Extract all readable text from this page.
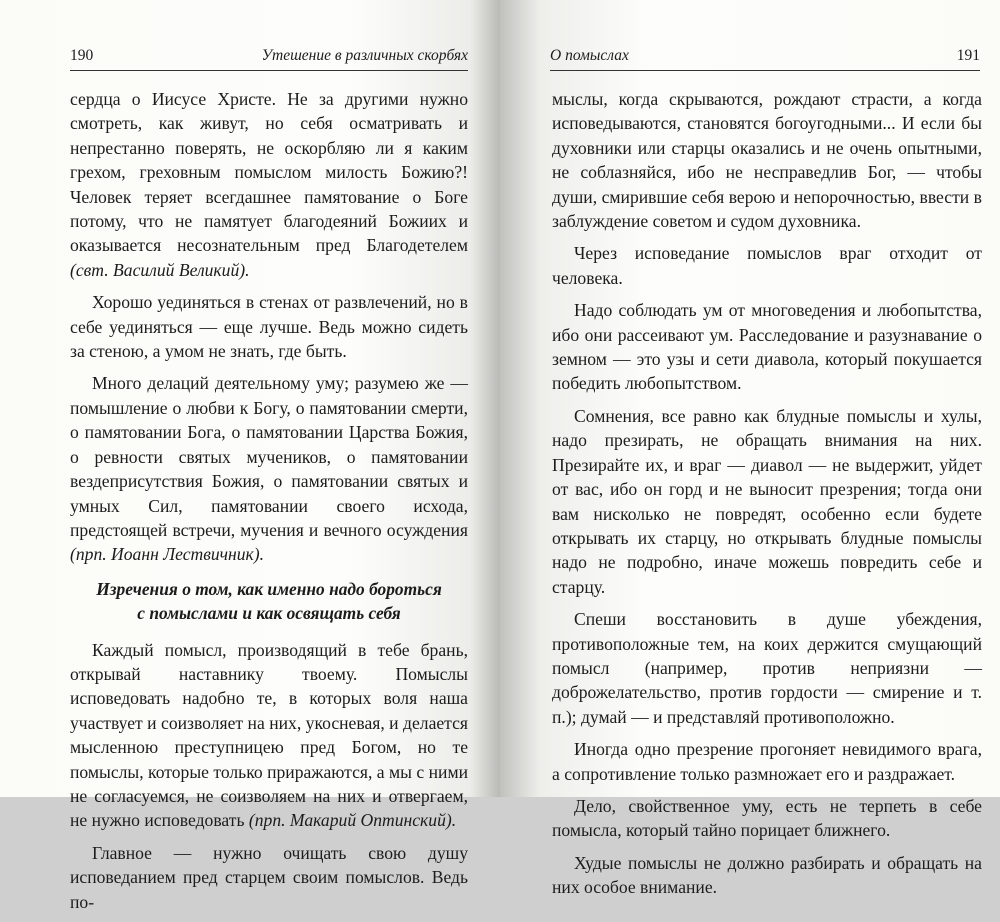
190	Утешение в различных скорбях

сердца о Иисусе Христе. Не за другими нужно смотреть, как живут, но себя осматривать и непрестанно поверять, не оскорбляю ли я каким грехом, греховным помыслом милость Божию?! Человек теряет всегдашнее памятование о Боге потому, что не памятует благодеяний Божиих и оказывается несознательным пред Благодетелем (свт. Василий Великий).

Хорошо уединяться в стенах от развлечений, но в себе уединяться — еще лучше. Ведь можно сидеть за стеною, а умом не знать, где быть.

Много делаций деятельному уму; разумею же — помышление о любви к Богу, о памятовании смерти, о памятовании Бога, о памятовании Царства Божия, о ревности святых мучеников, о памятовании вездеприсутствия Божия, о памятовании святых и умных Сил, памятовании своего исхода, предстоящей встречи, мучения и вечного осуждения (прп. Иоанн Лествичник).

Изречения о том, как именно надо бороться
с помыслами и как освящать себя

Каждый помысл, производящий в тебе брань, открывай наставнику твоему. Помыслы исповедовать надобно те, в которых воля наша участвует и соизволяет на них, укосневая, и делается мысленною преступницею пред Богом, но те помыслы, которые только приражаются, а мы с ними не согласуемся, не соизволяем на них и отвергаем, не нужно исповедовать (прп. Макарий Оптинский).

Главное — нужно очищать свою душу исповеданием пред старцем своим помыслов. Ведь по-

О помыслах	191

мыслы, когда скрываются, рождают страсти, а когда исповедываются, становятся богоугодными... И если бы духовники или старцы оказались и не очень опытными, не соблазняйся, ибо не несправедлив Бог, — чтобы души, смирившие себя верою и непорочностью, ввести в заблуждение советом и судом духовника.

Через исповедание помыслов враг отходит от человека.

Надо соблюдать ум от многоведения и любопытства, ибо они рассеивают ум. Расследование и разузнавание о земном — это узы и сети диавола, который покушается победить любопытством.

Сомнения, все равно как блудные помыслы и хулы, надо презирать, не обращать внимания на них. Презирайте их, и враг — диавол — не выдержит, уйдет от вас, ибо он горд и не выносит презрения; тогда они вам нисколько не повредят, особенно если будете открывать их старцу, но открывать блудные помыслы надо не подробно, иначе можешь повредить себе и старцу.

Спеши восстановить в душе убеждения, противоположные тем, на коих держится смущающий помысл (например, против неприязни — доброжелательство, против гордости — смирение и т. п.); думай — и представляй противоположно.

Иногда одно презрение прогоняет невидимого врага, а сопротивление только размножает его и раздражает.

Дело, свойственное уму, есть не терпеть в себе помысла, который тайно порицает ближнего.

Худые помыслы не должно разбирать и обращать на них особое внимание.
